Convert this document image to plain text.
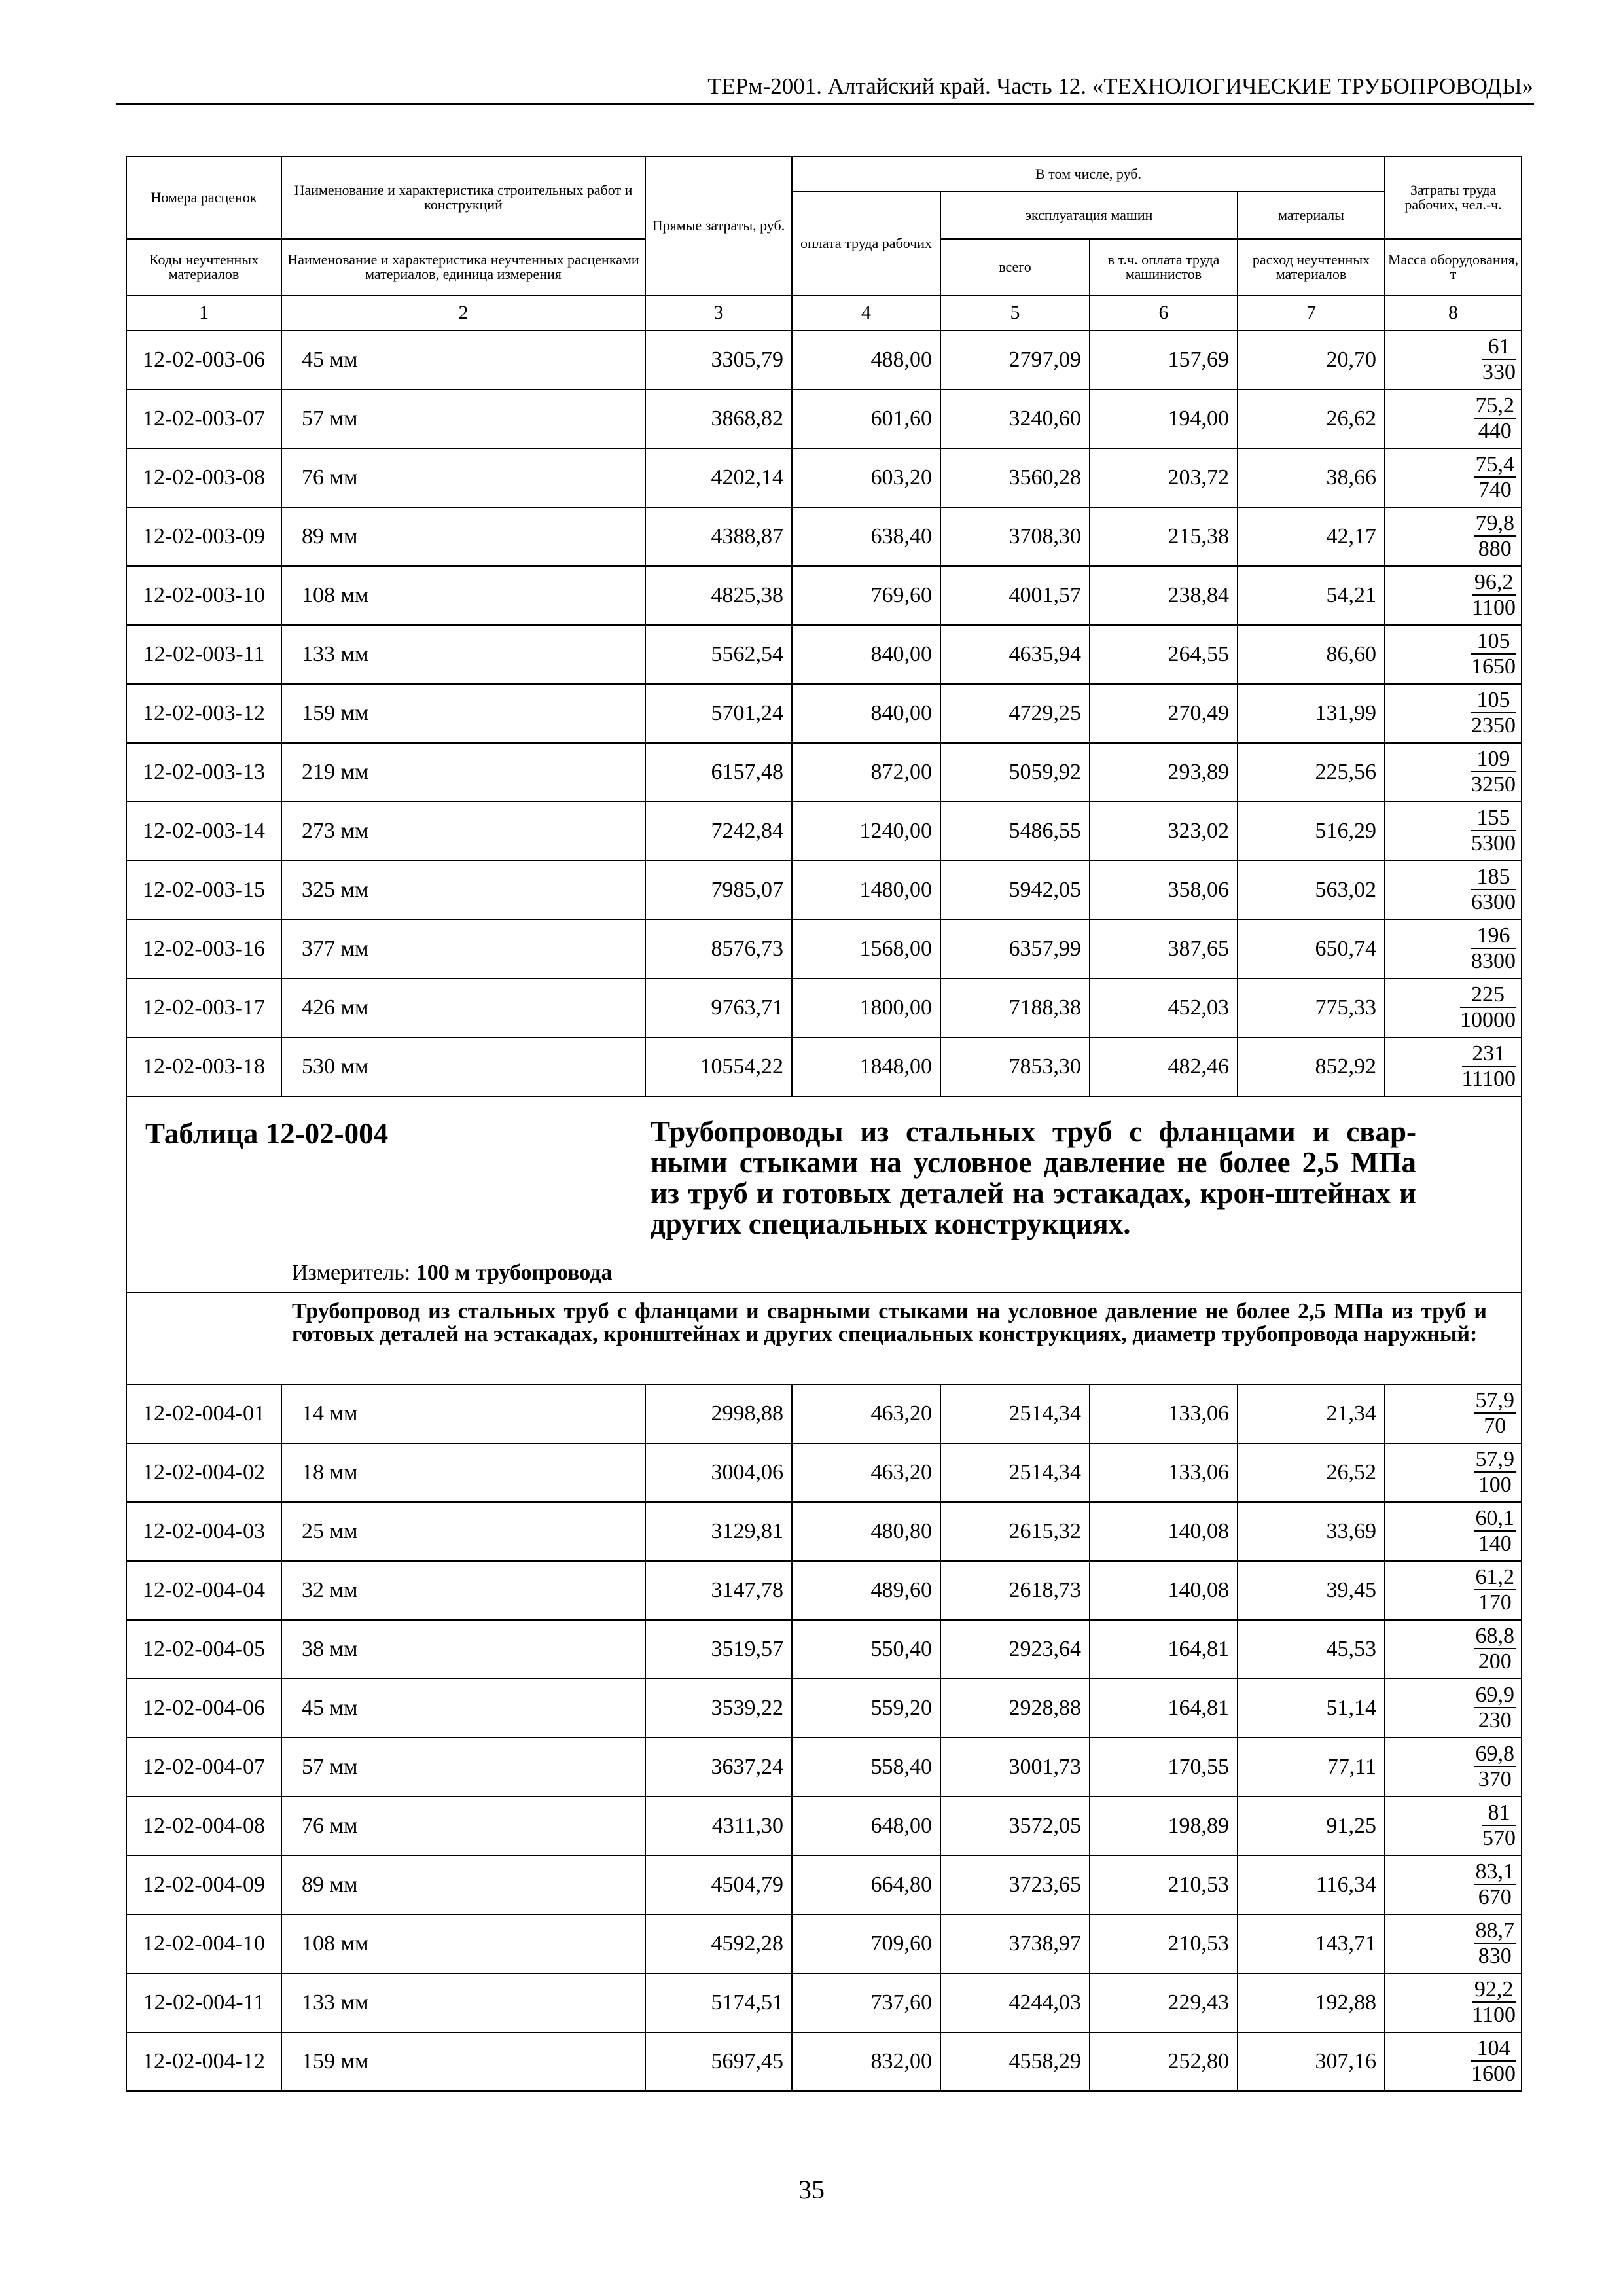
ТЕРм-2001. Алтайский край. Часть 12. «ТЕХНОЛОГИЧЕСКИЕ ТРУБОПРОВОДЫ»
Номера расценок	Наименование и характеристика строительных работ и конструкций	Прямые затраты, руб.	В том числе, руб.				Затраты труда рабочих, чел.-ч.
			оплата труда рабочих	эксплуатация машин		материалы	
Коды неучтенных материалов	Наименование и характеристика неучтенных расценками материалов, единица измерения			всего	в т.ч. оплата труда машинистов	расход неучтенных материалов	Масса оборудования, т
1	2	3	4	5	6	7	8
12-02-003-06	45 мм	3305,79	488,00	2797,09	157,69	20,70	$\frac{61}{330}$

12-02-003-07	57 мм	3868,82	601,60	3240,60	194,00	26,62	$\frac{75,2}{440}$

12-02-003-08	76 мм	4202,14	603,20	3560,28	203,72	38,66	$\frac{75,4}{740}$

12-02-003-09	89 мм	4388,87	638,40	3708,30	215,38	42,17	$\frac{79,8}{880}$

12-02-003-10	108 мм	4825,38	769,60	4001,57	238,84	54,21	$\frac{96,2}{1100}$

12-02-003-11	133 мм	5562,54	840,00	4635,94	264,55	86,60	$\frac{105}{1650}$

12-02-003-12	159 мм	5701,24	840,00	4729,25	270,49	131,99	$\frac{105}{2350}$

12-02-003-13	219 мм	6157,48	872,00	5059,92	293,89	225,56	$\frac{109}{3250}$

12-02-003-14	273 мм	7242,84	1240,00	5486,55	323,02	516,29	$\frac{155}{5300}$

12-02-003-15	325 мм	7985,07	1480,00	5942,05	358,06	563,02	$\frac{185}{6300}$

12-02-003-16	377 мм	8576,73	1568,00	6357,99	387,65	650,74	$\frac{196}{8300}$

12-02-003-17	426 мм	9763,71	1800,00	7188,38	452,03	775,33	$\frac{225}{10000}$

12-02-003-18	530 мм	10554,22	1848,00	7853,30	482,46	852,92	$\frac{231}{11100}$

Таблица 12-02-004 Трубопроводы из стальных труб с фланцами и свар-ными стыками на условное давление не более 2,5 МПа из труб и готовых деталей на эстакадах, крон-штейнах и других специальных конструкциях.
Измеритель: 100 м трубопровода							

Трубопровод из стальных труб с фланцами и сварными стыками на условное давление не более 2,5 МПа из труб и готовых деталей на эстакадах, кронштейнах и других специальных конструкциях, диаметр трубопровода наружный:							

12-02-004-01	14 мм	2998,88	463,20	2514,34	133,06	21,34	$\frac{57,9}{70}$

12-02-004-02	18 мм	3004,06	463,20	2514,34	133,06	26,52	$\frac{57,9}{100}$

12-02-004-03	25 мм	3129,81	480,80	2615,32	140,08	33,69	$\frac{60,1}{140}$

12-02-004-04	32 мм	3147,78	489,60	2618,73	140,08	39,45	$\frac{61,2}{170}$

12-02-004-05	38 мм	3519,57	550,40	2923,64	164,81	45,53	$\frac{68,8}{200}$

12-02-004-06	45 мм	3539,22	559,20	2928,88	164,81	51,14	$\frac{69,9}{230}$

12-02-004-07	57 мм	3637,24	558,40	3001,73	170,55	77,11	$\frac{69,8}{370}$

12-02-004-08	76 мм	4311,30	648,00	3572,05	198,89	91,25	$\frac{81}{570}$

12-02-004-09	89 мм	4504,79	664,80	3723,65	210,53	116,34	$\frac{83,1}{670}$

12-02-004-10	108 мм	4592,28	709,60	3738,97	210,53	143,71	$\frac{88,7}{830}$

12-02-004-11	133 мм	5174,51	737,60	4244,03	229,43	192,88	$\frac{92,2}{1100}$

12-02-004-12	159 мм	5697,45	832,00	4558,29	252,80	307,16	$\frac{104}{1600}$
35
